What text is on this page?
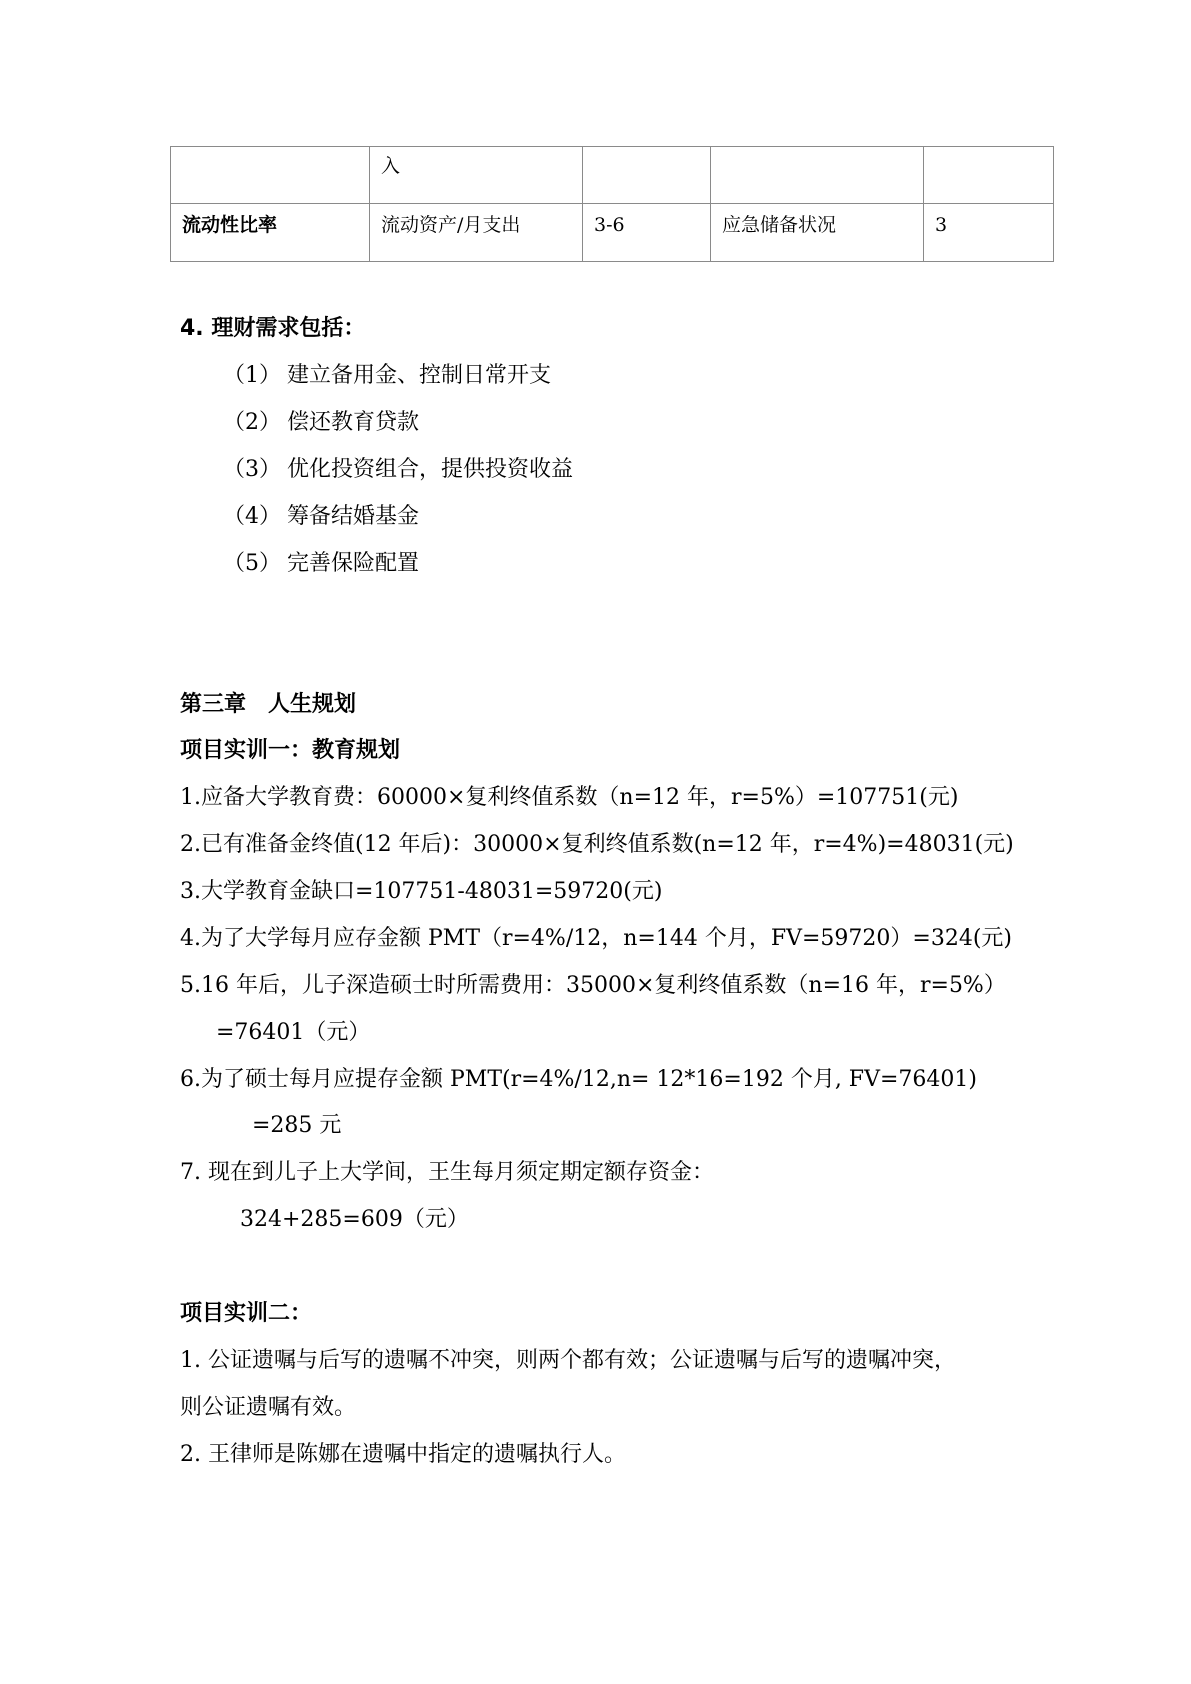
	入			
流动性比率	流动资产/月支出	3-6	应急储备状况	3
4. 理财需求包括：
（1） 建立备用金、控制日常开支
（2） 偿还教育贷款
（3） 优化投资组合，提供投资收益
（4） 筹备结婚基金
（5） 完善保险配置
第三章　人生规划
项目实训一：教育规划
1.应备大学教育费：60000×复利终值系数（n=12 年，r=5%）=107751(元)
2.已有准备金终值(12 年后)：30000×复利终值系数(n=12 年，r=4%)=48031(元)
3.大学教育金缺口=107751-48031=59720(元)
4.为了大学每月应存金额 PMT（r=4%/12，n=144 个月，FV=59720）=324(元)
5.16 年后，儿子深造硕士时所需费用：35000×复利终值系数（n=16 年，r=5%）
=76401（元）
6.为了硕士每月应提存金额 PMT(r=4%/12,n= 12*16=192 个月, FV=76401)
=285 元
7. 现在到儿子上大学间，王生每月须定期定额存资金：
324+285=609（元）
项目实训二：
1. 公证遗嘱与后写的遗嘱不冲突，则两个都有效；公证遗嘱与后写的遗嘱冲突，
则公证遗嘱有效。
2. 王律师是陈娜在遗嘱中指定的遗嘱执行人。
